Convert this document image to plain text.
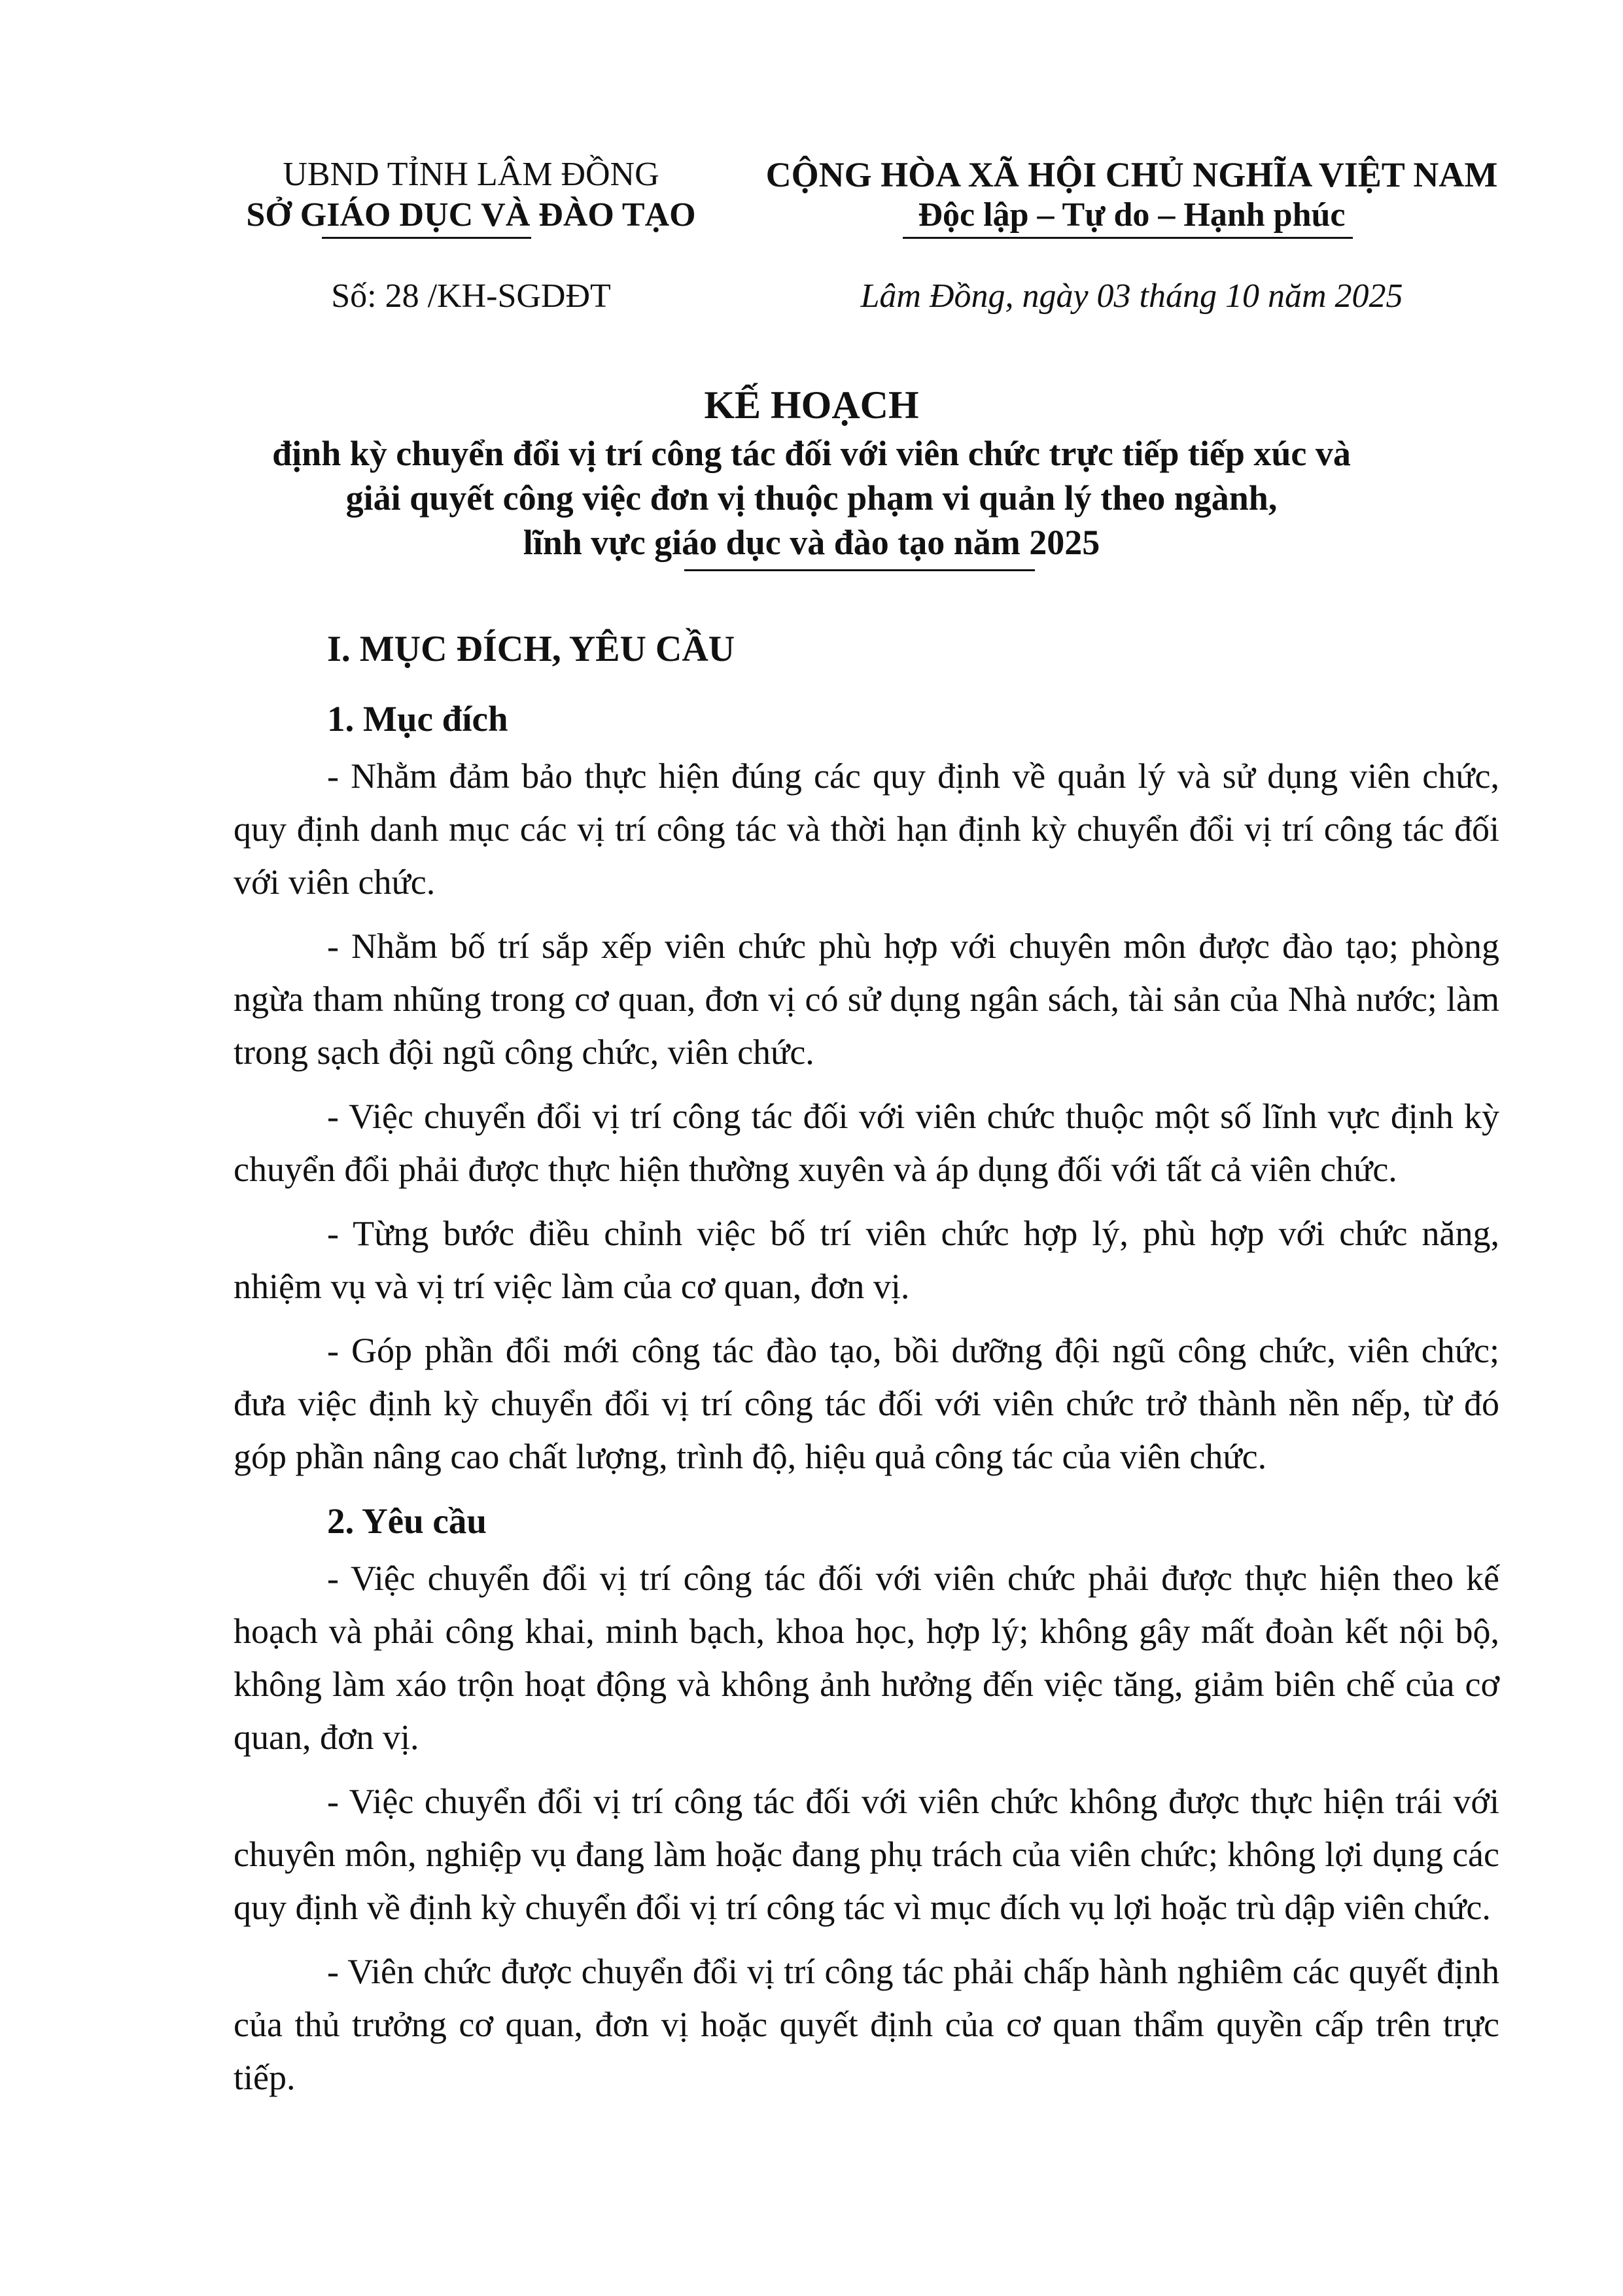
UBND TỈNH LÂM ĐỒNG
SỞ GIÁO DỤC VÀ ĐÀO TẠO
CỘNG HÒA XÃ HỘI CHỦ NGHĨA VIỆT NAM
Độc lập – Tự do – Hạnh phúc
Số: 28 /KH-SGDĐT	Lâm Đồng, ngày 03 tháng 10 năm 2025
KẾ HOẠCH
định kỳ chuyển đổi vị trí công tác đối với viên chức trực tiếp tiếp xúc và
giải quyết công việc đơn vị thuộc phạm vi quản lý theo ngành,
lĩnh vực giáo dục và đào tạo năm 2025
I. MỤC ĐÍCH, YÊU CẦU
1. Mục đích

- Nhằm đảm bảo thực hiện đúng các quy định về quản lý và sử dụng viên chức, quy định danh mục các vị trí công tác và thời hạn định kỳ chuyển đổi vị trí công tác đối với viên chức.

- Nhằm bố trí sắp xếp viên chức phù hợp với chuyên môn được đào tạo; phòng ngừa tham nhũng trong cơ quan, đơn vị có sử dụng ngân sách, tài sản của Nhà nước; làm trong sạch đội ngũ công chức, viên chức.

- Việc chuyển đổi vị trí công tác đối với viên chức thuộc một số lĩnh vực định kỳ chuyển đổi phải được thực hiện thường xuyên và áp dụng đối với tất cả viên chức.

- Từng bước điều chỉnh việc bố trí viên chức hợp lý, phù hợp với chức năng, nhiệm vụ và vị trí việc làm của cơ quan, đơn vị.

- Góp phần đổi mới công tác đào tạo, bồi dưỡng đội ngũ công chức, viên chức; đưa việc định kỳ chuyển đổi vị trí công tác đối với viên chức trở thành nền nếp, từ đó góp phần nâng cao chất lượng, trình độ, hiệu quả công tác của viên chức.

2. Yêu cầu

- Việc chuyển đổi vị trí công tác đối với viên chức phải được thực hiện theo kế hoạch và phải công khai, minh bạch, khoa học, hợp lý; không gây mất đoàn kết nội bộ, không làm xáo trộn hoạt động và không ảnh hưởng đến việc tăng, giảm biên chế của cơ quan, đơn vị.

- Việc chuyển đổi vị trí công tác đối với viên chức không được thực hiện trái với chuyên môn, nghiệp vụ đang làm hoặc đang phụ trách của viên chức; không lợi dụng các quy định về định kỳ chuyển đổi vị trí công tác vì mục đích vụ lợi hoặc trù dập viên chức.

- Viên chức được chuyển đổi vị trí công tác phải chấp hành nghiêm các quyết định của thủ trưởng cơ quan, đơn vị hoặc quyết định của cơ quan thẩm quyền cấp trên trực tiếp.
